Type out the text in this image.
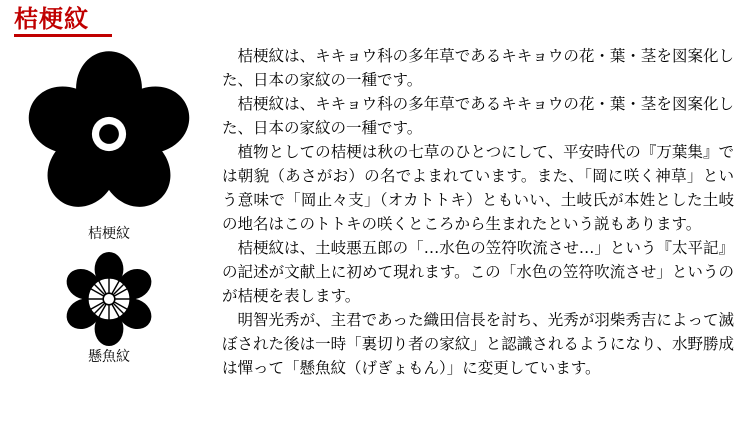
桔梗紋
桔梗紋
懸魚紋

桔梗紋は、キキョウ科の多年草であるキキョウの花・葉・茎を図案化した、日本の家紋の一種です。

桔梗紋は、キキョウ科の多年草であるキキョウの花・葉・茎を図案化した、日本の家紋の一種です。

植物としての桔梗は秋の七草のひとつにして、平安時代の『万葉集』では朝貌（あさがお）の名でよまれています。また、「岡に咲く神草」という意味で「岡止々支」（オカトトキ）ともいい、土岐氏が本姓とした土岐の地名はこのトトキの咲くところから生まれたという説もあります。

桔梗紋は、土岐悪五郎の「…水色の笠符吹流させ…」という『太平記』の記述が文献上に初めて現れます。この「水色の笠符吹流させ」というのが桔梗を表します。

明智光秀が、主君であった織田信長を討ち、光秀が羽柴秀吉によって滅ぼされた後は一時「裏切り者の家紋」と認識されるようになり、水野勝成は憚って「懸魚紋（げぎょもん）」に変更しています。
